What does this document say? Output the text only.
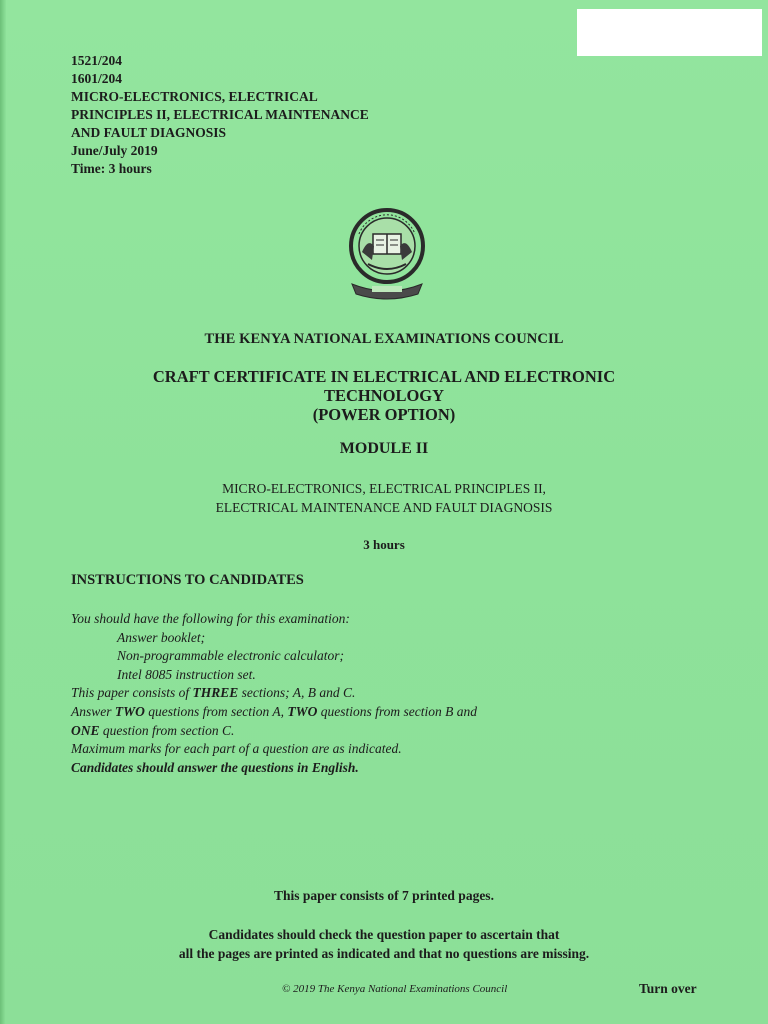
1521/204
1601/204
MICRO-ELECTRONICS, ELECTRICAL
PRINCIPLES II, ELECTRICAL MAINTENANCE
AND FAULT DIAGNOSIS
June/July 2019
Time: 3 hours
THE KENYA NATIONAL EXAMINATIONS COUNCIL
CRAFT CERTIFICATE IN ELECTRICAL AND ELECTRONIC
TECHNOLOGY
(POWER OPTION)
MODULE II
MICRO-ELECTRONICS, ELECTRICAL PRINCIPLES II,
ELECTRICAL MAINTENANCE AND FAULT DIAGNOSIS
3 hours
INSTRUCTIONS TO CANDIDATES
You should have the following for this examination:
Answer booklet;
Non-programmable electronic calculator;
Intel 8085 instruction set.
This paper consists of THREE sections; A, B and C.
Answer TWO questions from section A, TWO questions from section B and
ONE question from section C.
Maximum marks for each part of a question are as indicated.
Candidates should answer the questions in English.
This paper consists of 7 printed pages.
Candidates should check the question paper to ascertain that
all the pages are printed as indicated and that no questions are missing.
© 2019 The Kenya National Examinations Council	Turn over
